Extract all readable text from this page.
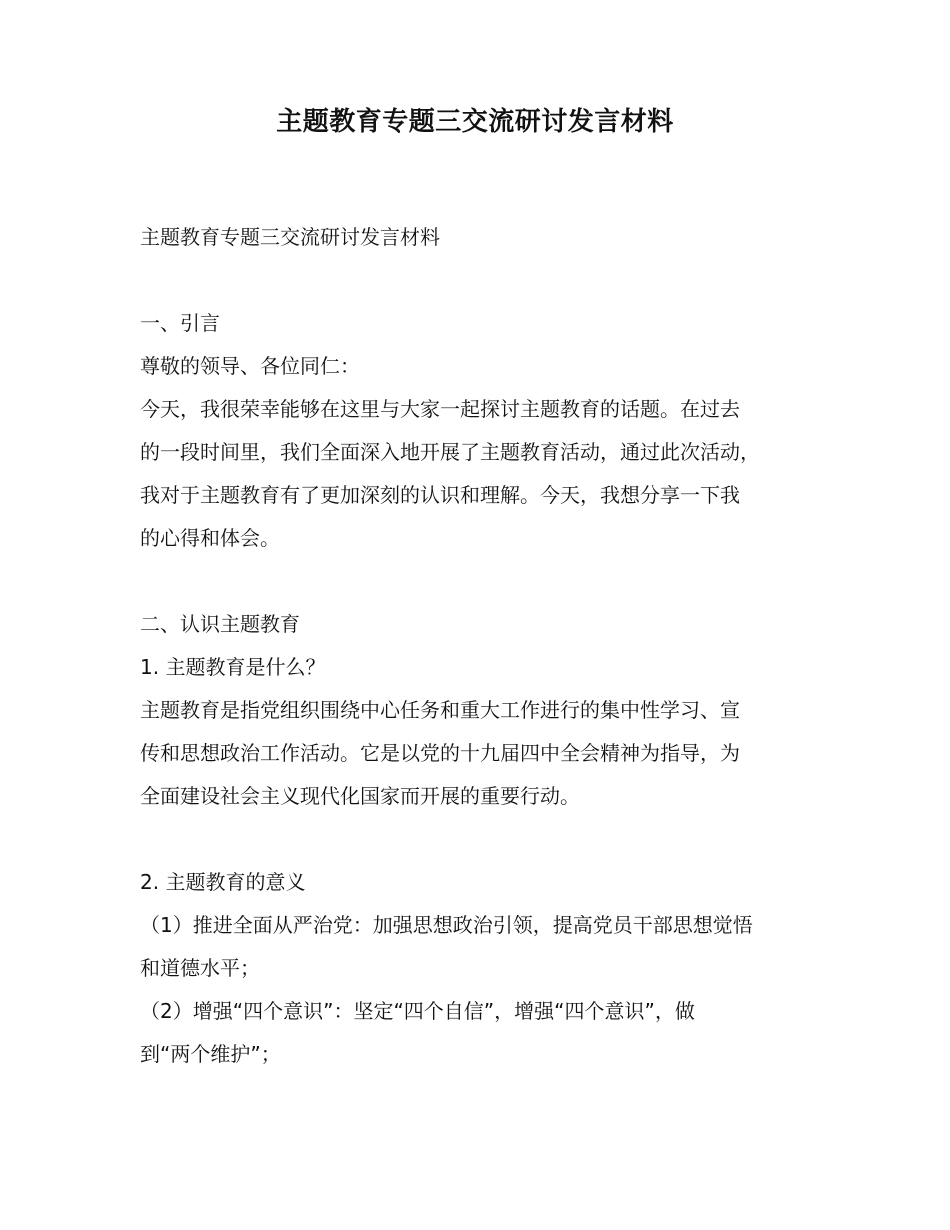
主题教育专题三交流研讨发言材料
主题教育专题三交流研讨发言材料
一、引言
尊敬的领导、各位同仁：
今天，我很荣幸能够在这里与大家一起探讨主题教育的话题。在过去
的一段时间里，我们全面深入地开展了主题教育活动，通过此次活动，
我对于主题教育有了更加深刻的认识和理解。今天，我想分享一下我
的心得和体会。
二、认识主题教育
1. 主题教育是什么？
主题教育是指党组织围绕中心任务和重大工作进行的集中性学习、宣
传和思想政治工作活动。它是以党的十九届四中全会精神为指导，为
全面建设社会主义现代化国家而开展的重要行动。
2. 主题教育的意义
（1）推进全面从严治党：加强思想政治引领，提高党员干部思想觉悟
和道德水平；
（2）增强“四个意识”：坚定“四个自信”，增强“四个意识”，做
到“两个维护”；
